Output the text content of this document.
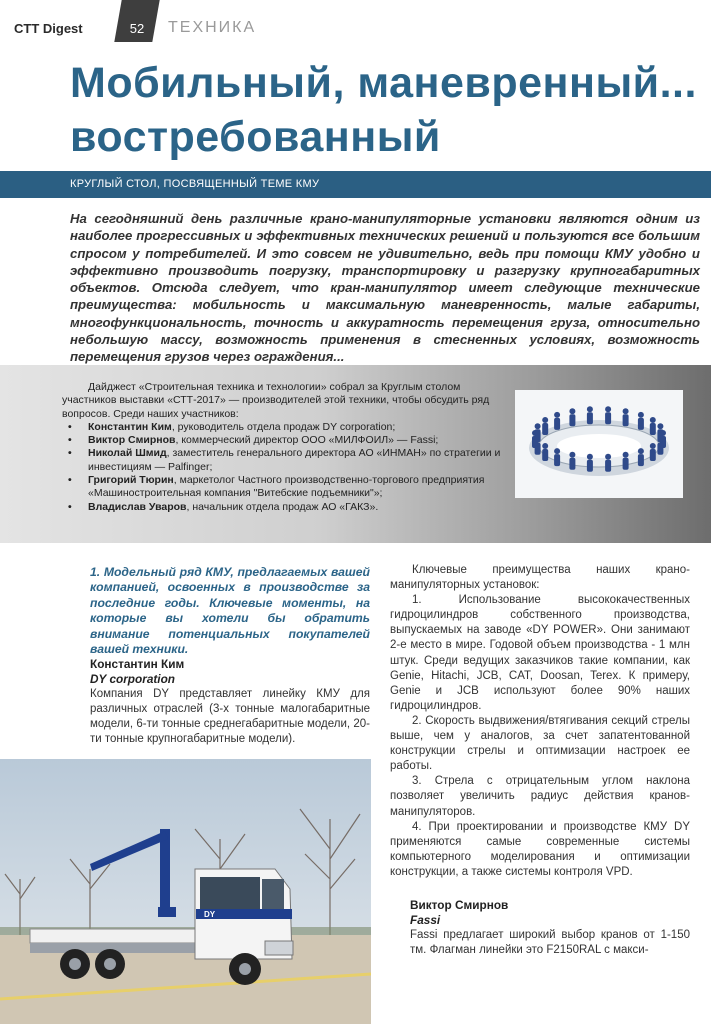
CTT Digest	52	ТЕХНИКА
Мобильный, маневренный... востребованный
КРУГЛЫЙ СТОЛ, ПОСВЯЩЕННЫЙ ТЕМЕ КМУ

На сегодняшний день различные крано-манипуляторные установки являются одним из наиболее прогрессивных и эффективных технических решений и пользуются все большим спросом у потребителей. И это совсем не удивительно, ведь при помощи КМУ удобно и эффективно производить погрузку, транспортировку и разгрузку крупногабаритных объектов. Отсюда следует, что кран-манипулятор имеет следующие технические преимущества: мобильность и максимальную маневренность, малые габариты, многофункциональность, точность и аккуратность перемещения груза, относительно небольшую массу, возможность применения в стесненных условиях, возможность перемещения грузов через ограждения...

Дайджест «Строительная техника и технологии» собрал за Круглым столом участников выставки «СТТ-2017» — производителей этой техники, чтобы обсудить ряд вопросов. Среди наших участников:

• Константин Ким, руководитель отдела продаж DY corporation;
• Виктор Смирнов, коммерческий директор ООО «МИЛФОИЛ» — Fassi;
• Николай Шмид, заместитель генерального директора АО «ИНМАН» по стратегии и инвестициям — Palfinger;
• Григорий Тюрин, маркетолог Частного производственно-торгового предприятия «Машиностроительная компания "Витебские подъемники"»;
• Владислав Уваров, начальник отдела продаж АО «ГАКЗ».

1. Модельный ряд КМУ, предлагаемых вашей компанией, освоенных в производстве за последние годы. Ключевые моменты, на которые вы хотели бы обратить внимание потенциальных покупателей вашей техники.

Константин Ким
DY corporation

Компания DY представляет линейку КМУ для различных отраслей (3-х тонные малогабаритные модели, 6-ти тонные среднегабаритные модели, 20-ти тонные крупногабаритные модели).

DY

Ключевые преимущества наших крано-манипуляторных установок:

1. Использование высококачественных гидроцилиндров собственного производства, выпускаемых на заводе «DY POWER». Они занимают 2-е место в мире. Годовой объем производства - 1 млн штук. Среди ведущих заказчиков такие компании, как Genie, Hitachi, JCB, CAT, Doosan, Terex. К примеру, Genie и JCB используют более 90% наших гидроцилиндров.

2. Скорость выдвижения/втягивания секций стрелы выше, чем у аналогов, за счет запатентованной конструкции стрелы и оптимизации настроек ее работы.

3. Стрела с отрицательным углом наклона позволяет увеличить радиус действия кранов-манипуляторов.

4. При проектировании и производстве КМУ DY применяются самые современные системы компьютерного моделирования и оптимизации конструкции, а также системы контроля VPD.

Виктор Смирнов
Fassi

Fassi предлагает широкий выбор кранов от 1-150 тм. Флагман линейки это F2150RAL с макси-
